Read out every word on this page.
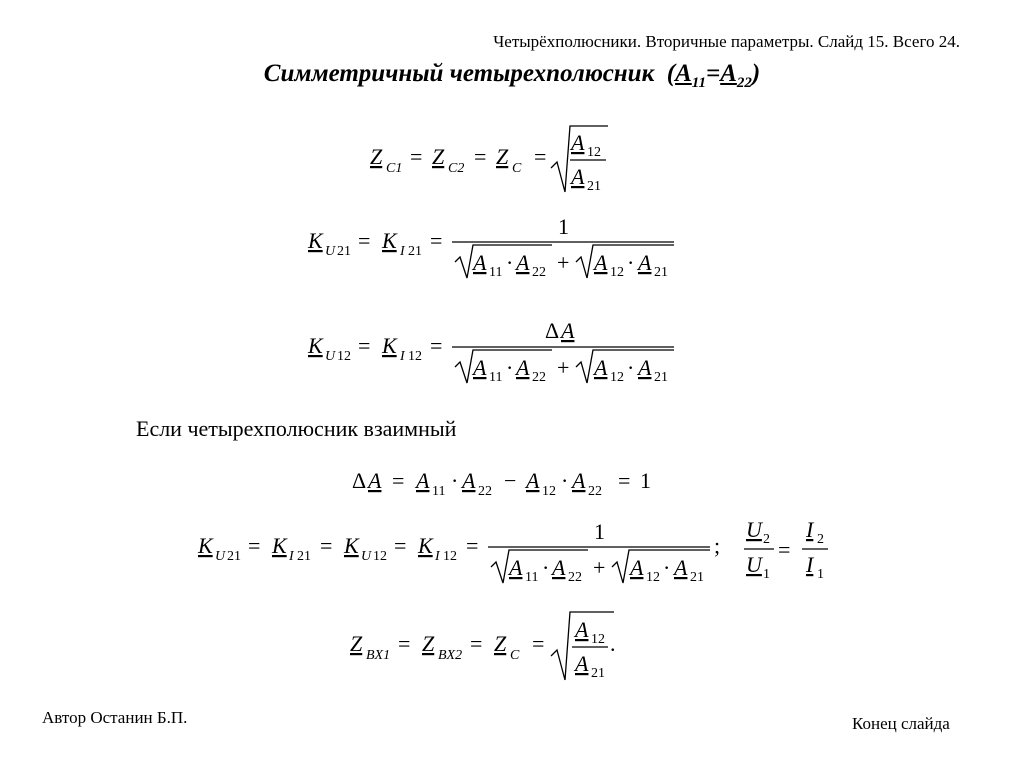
Четырёхполюсники. Вторичные параметры. Слайд 15. Всего 24.
Симметричный четырехполюсник $(A_{11}=A_{22})$
Z C1 = Z C2 = Z C =
A 12
A 21
K U 21 = K I 21 =
1
A 11 · A 22 + A 12 · A 21
K U 12 = K I 12 =
Δ A
A 11 · A 22 + A 12 · A 21
Δ A = A 11 · A 22 − A 12 · A 22 = 1
K U 21 = K I 21 = K U 12 = K I 12 =
1
A 11 · A 22 + A 12 · A 21
;
U 2
U 1
=
I 2
I 1
Z BX1 = Z BX2 = Z C =
A 12
A 21
.
Если четырехполюсник взаимный
Автор Останин Б.П.	Конец слайда
